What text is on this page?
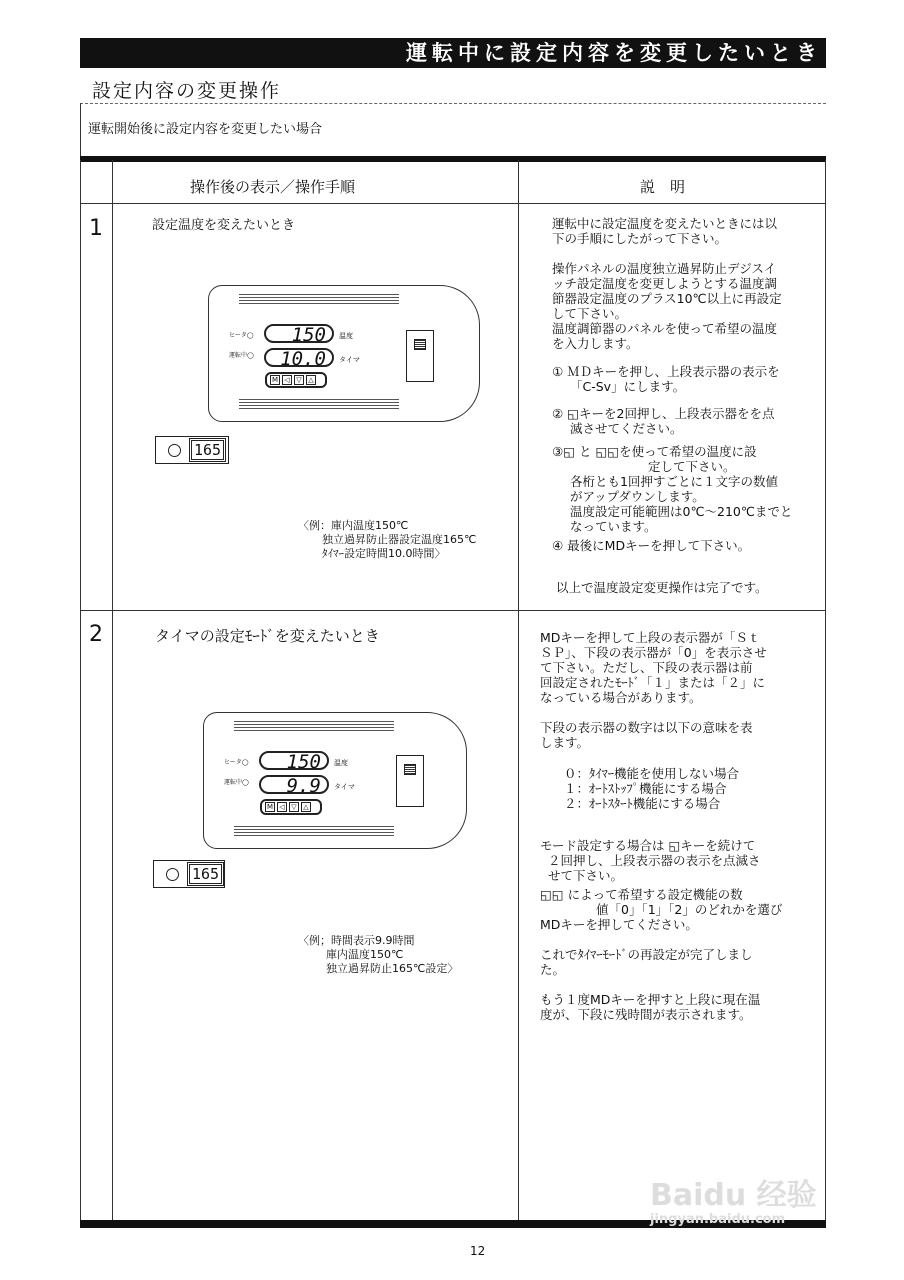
運転中に設定内容を変更したいとき
設定内容の変更操作
運転開始後に設定内容を変更したい場合
操作後の表示／操作手順	説　明
1	設定温度を変えたいとき
ヒータ◯
運転中◯
150	温度
10.0	タイマ
M ◁ ▽ △
165
〈例：庫内温度150℃
独立過昇防止器設定温度165℃
ﾀｲﾏｰ設定時間10.0時間〉
運転中に設定温度を変えたいときには以
下の手順にしたがって下さい。
操作パネルの温度独立過昇防止デジスイ
ッチ設定温度を変更しようとする温度調
節器設定温度のプラス10℃以上に再設定
して下さい。
温度調節器のパネルを使って希望の温度
を入力します。
① ＭＤキーを押し、上段表示器の表示を
「C-Sv」にします。
② ◱キーを2回押し、上段表示器をを点
滅させてください。
③◱ と ◱◱を使って希望の温度に設
定して下さい。
各桁とも1回押すごとに１文字の数値
がアップダウンします。
温度設定可能範囲は0℃～210℃までと
なっています。
④ 最後にMDキーを押して下さい。
以上で温度設定変更操作は完了です。
2	タイマの設定ﾓｰﾄﾞを変えたいとき
ヒータ◯
運転中◯
150	温度
9.9	タイマ
M ◁ ▽ △
165
〈例；時間表示9.9時間
庫内温度150℃
独立過昇防止165℃設定〉
MDキーを押して上段の表示器が「Ｓｔ
ＳＰ」、下段の表示器が「0」を表示させ
て下さい。ただし、下段の表示器は前
回設定されたﾓｰﾄﾞ「１」または「２」に
なっている場合があります。
下段の表示器の数字は以下の意味を表
します。
０：ﾀｲﾏｰ機能を使用しない場合
１：ｵｰﾄｽﾄｯﾌﾟ機能にする場合
２：ｵｰﾄｽﾀｰﾄ機能にする場合
モード設定する場合は ◱キーを続けて
２回押し、上段表示器の表示を点滅さ
せて下さい。
◱◱ によって希望する設定機能の数
値「0」「1」「2」のどれかを選び
MDキーを押してください。
これでﾀｲﾏｰﾓｰﾄﾞの再設定が完了しまし
た。
もう１度MDキーを押すと上段に現在温
度が、下段に残時間が表示されます。
Baidu 经验
jingyan.baidu.com
12
